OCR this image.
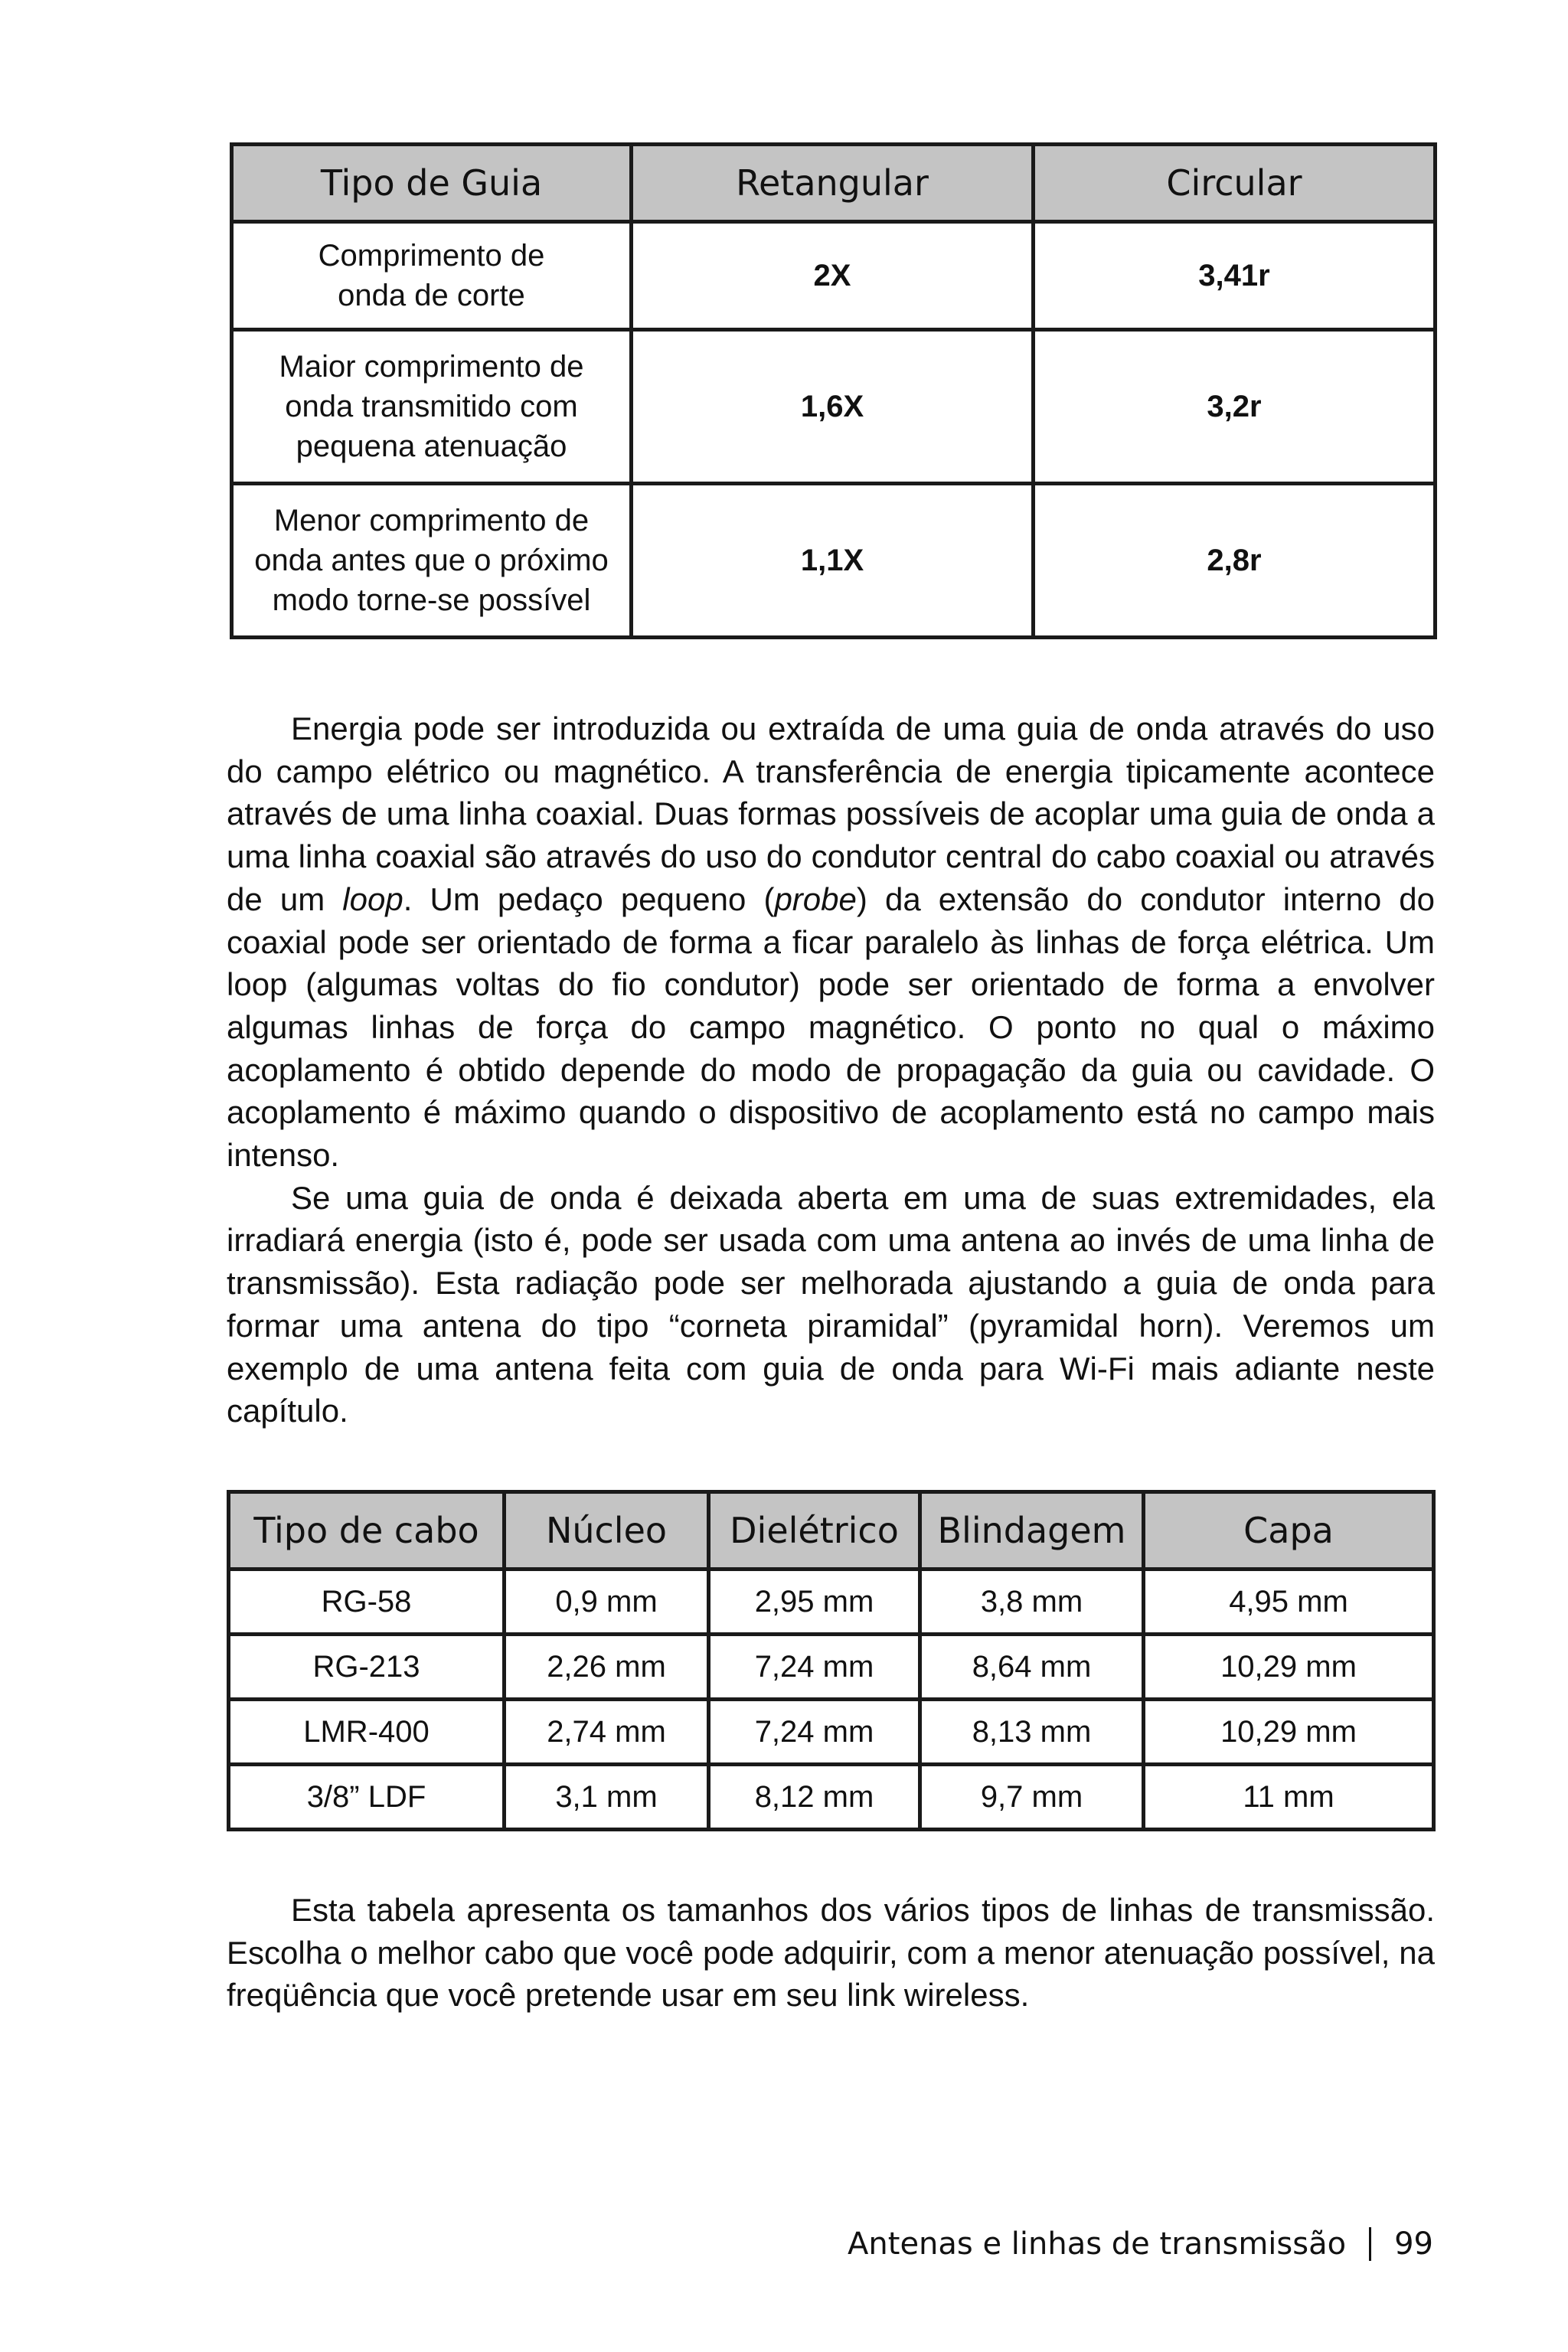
Tipo de Guia	Retangular	Circular

Comprimento de onda de corte	2X	3,41r

Maior comprimento de onda transmitido com pequena atenuação	1,6X	3,2r

Menor comprimento de onda antes que o próximo modo torne-se possível	1,1X	2,8r

Energia pode ser introduzida ou extraída de uma guia de onda através do uso do campo elétrico ou magnético. A transferência de energia tipicamente acontece através de uma linha coaxial. Duas formas possíveis de acoplar uma guia de onda a uma linha coaxial são através do uso do condutor central do cabo coaxial ou através de um loop. Um pedaço pequeno (probe) da extensão do condutor interno do coaxial pode ser orientado de forma a ficar paralelo às linhas de força elétrica. Um loop (algumas voltas do fio condutor) pode ser orientado de forma a envolver algumas linhas de força do campo magnético. O ponto no qual o máximo acoplamento é obtido depende do modo de propagação da guia ou cavidade. O acoplamento é máximo quando o dispositivo de acoplamento está no campo mais intenso.

Se uma guia de onda é deixada aberta em uma de suas extremidades, ela irradiará energia (isto é, pode ser usada com uma antena ao invés de uma linha de transmissão). Esta radiação pode ser melhorada ajustando a guia de onda para formar uma antena do tipo “corneta piramidal” (pyramidal horn). Veremos um exemplo de uma antena feita com guia de onda para Wi-Fi mais adiante neste capítulo.

Tipo de cabo	Núcleo	Dielétrico	Blindagem	Capa
RG-58	0,9 mm	2,95 mm	3,8 mm	4,95 mm
RG-213	2,26 mm	7,24 mm	8,64 mm	10,29 mm
LMR-400	2,74 mm	7,24 mm	8,13 mm	10,29 mm
3/8” LDF	3,1 mm	8,12 mm	9,7 mm	11 mm

Esta tabela apresenta os tamanhos dos vários tipos de linhas de transmissão. Escolha o melhor cabo que você pode adquirir, com a menor atenuação possível, na freqüência que você pretende usar em seu link wireless.

Antenas e linhas de transmissão 99
